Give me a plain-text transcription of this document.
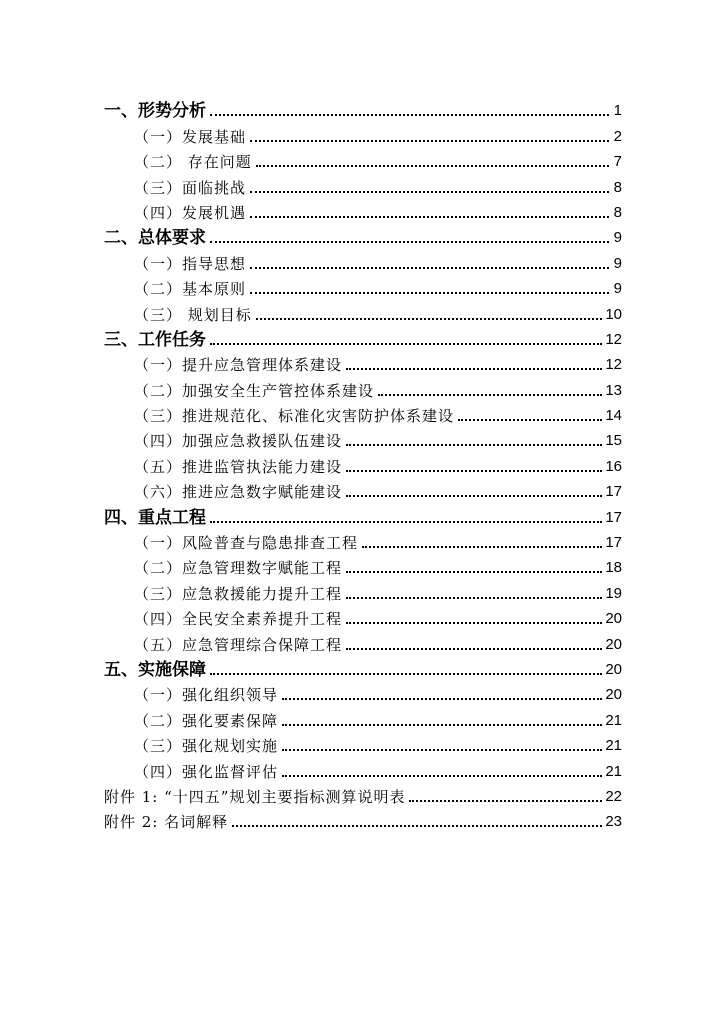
一、形势分析	1
（一）发展基础	2
（二） 存在问题	7
（三）面临挑战	8
（四）发展机遇	8
二、总体要求	9
（一）指导思想	9
（二）基本原则	9
（三） 规划目标	10
三、工作任务	12
（一）提升应急管理体系建设	12
（二）加强安全生产管控体系建设	13
（三）推进规范化、标准化灾害防护体系建设	14
（四）加强应急救援队伍建设	15
（五）推进监管执法能力建设	16
（六）推进应急数字赋能建设	17
四、重点工程	17
（一）风险普查与隐患排查工程	17
（二）应急管理数字赋能工程	18
（三）应急救援能力提升工程	19
（四）全民安全素养提升工程	20
（五）应急管理综合保障工程	20
五、实施保障	20
（一）强化组织领导	20
（二）强化要素保障	21
（三）强化规划实施	21
（四）强化监督评估	21
附件 1: “十四五”规划主要指标测算说明表	22
附件 2: 名词解释	23
